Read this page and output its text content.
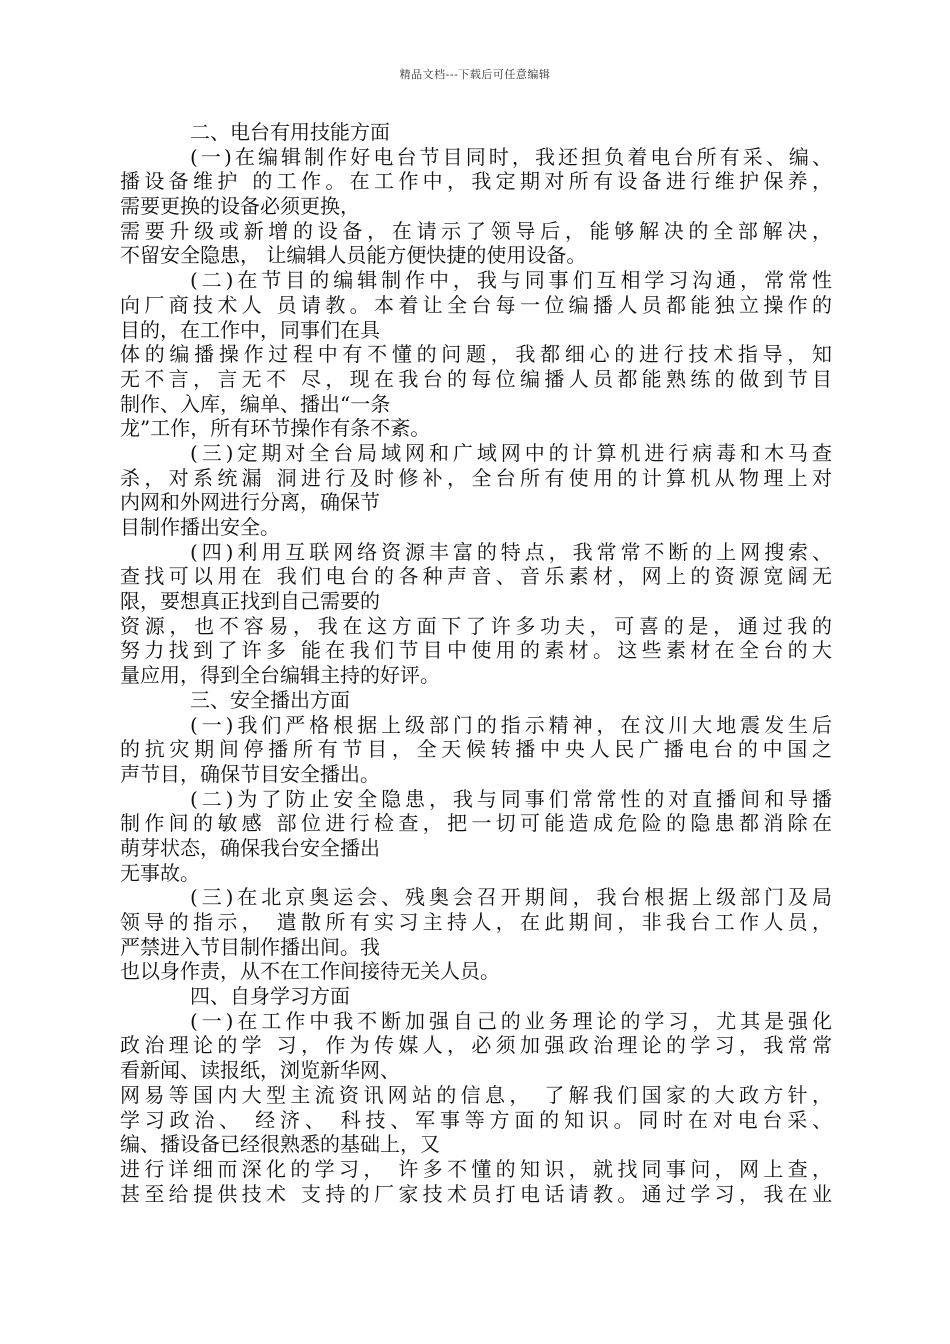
精品文档---下载后可任意编辑
二、电台有用技能方面
(一)在编辑制作好电台节目同时，我还担负着电台所有采、编、
播设备维护 的工作。在工作中，我定期对所有设备进行维护保养，
需要更换的设备必须更换，
需要升级或新增的设备，在请示了领导后，能够解决的全部解决，
不留安全隐患， 让编辑人员能方便快捷的使用设备。
(二)在节目的编辑制作中，我与同事们互相学习沟通，常常性
向厂商技术人 员请教。本着让全台每一位编播人员都能独立操作的
目的，在工作中，同事们在具
体的编播操作过程中有不懂的问题，我都细心的进行技术指导，知
无不言，言无不 尽，现在我台的每位编播人员都能熟练的做到节目
制作、入库，编单、播出“一条
龙”工作，所有环节操作有条不紊。
(三)定期对全台局域网和广域网中的计算机进行病毒和木马查
杀，对系统漏 洞进行及时修补，全台所有使用的计算机从物理上对
内网和外网进行分离，确保节
目制作播出安全。
(四)利用互联网络资源丰富的特点，我常常不断的上网搜索、
查找可以用在 我们电台的各种声音、音乐素材，网上的资源宽阔无
限，要想真正找到自己需要的
资源，也不容易，我在这方面下了许多功夫，可喜的是，通过我的
努力找到了许多 能在我们节目中使用的素材。这些素材在全台的大
量应用，得到全台编辑主持的好评。
三、安全播出方面
(一)我们严格根据上级部门的指示精神，在汶川大地震发生后
的抗灾期间停播所有节目，全天候转播中央人民广播电台的中国之
声节目，确保节目安全播出。
(二)为了防止安全隐患，我与同事们常常性的对直播间和导播
制作间的敏感 部位进行检查，把一切可能造成危险的隐患都消除在
萌芽状态，确保我台安全播出
无事故。
(三)在北京奥运会、残奥会召开期间，我台根据上级部门及局
领导的指示， 遣散所有实习主持人，在此期间，非我台工作人员，
严禁进入节目制作播出间。我
也以身作责，从不在工作间接待无关人员。
四、自身学习方面
(一)在工作中我不断加强自己的业务理论的学习，尤其是强化
政治理论的学 习，作为传媒人，必须加强政治理论的学习，我常常
看新闻、读报纸，浏览新华网、
网易等国内大型主流资讯网站的信息， 了解我们国家的大政方针，
学习政治、 经济、 科技、军事等方面的知识。同时在对电台采、
编、播设备已经很熟悉的基础上，又
进行详细而深化的学习， 许多不懂的知识，就找同事问，网上查，
甚至给提供技术 支持的厂家技术员打电话请教。通过学习，我在业
